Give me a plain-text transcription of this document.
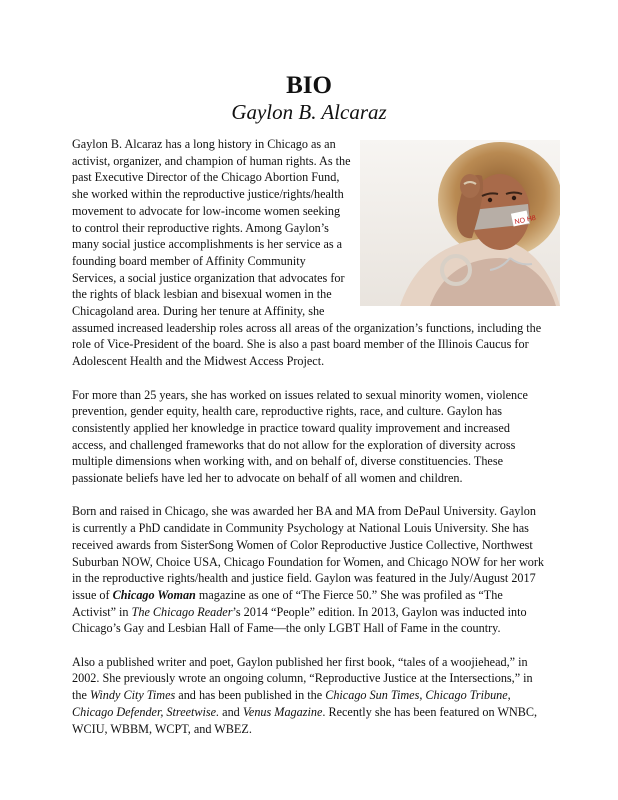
BIO
Gaylon B. Alcaraz

NO H8
Gaylon B. Alcaraz has a long history in Chicago as an activist, organizer, and champion of human rights. As the past Executive Director of the Chicago Abortion Fund, she worked within the reproductive justice/rights/health movement to advocate for low-income women seeking to control their reproductive rights. Among Gaylon’s many social justice accomplishments is her service as a founding board member of Affinity Community Services, a social justice organization that advocates for the rights of black lesbian and bisexual women in the Chicagoland area. During her tenure at Affinity, she assumed increased leadership roles across all areas of the organization’s functions, including the role of Vice-President of the board. She is also a past board member of the Illinois Caucus for Adolescent Health and the Midwest Access Project.

For more than 25 years, she has worked on issues related to sexual minority women, violence prevention, gender equity, health care, reproductive rights, race, and culture. Gaylon has consistently applied her knowledge in practice toward quality improvement and increased access, and challenged frameworks that do not allow for the exploration of diversity across multiple dimensions when working with, and on behalf of, diverse constituencies. These passionate beliefs have led her to advocate on behalf of all women and children.

Born and raised in Chicago, she was awarded her BA and MA from DePaul University. Gaylon is currently a PhD candidate in Community Psychology at National Louis University. She has received awards from SisterSong Women of Color Reproductive Justice Collective, Northwest Suburban NOW, Choice USA, Chicago Foundation for Women, and Chicago NOW for her work in the reproductive rights/health and justice field. Gaylon was featured in the July/August 2017 issue of Chicago Woman magazine as one of “The Fierce 50.” She was profiled as “The Activist” in The Chicago Reader’s 2014 “People” edition. In 2013, Gaylon was inducted into Chicago’s Gay and Lesbian Hall of Fame—the only LGBT Hall of Fame in the country.

Also a published writer and poet, Gaylon published her first book, “tales of a woojiehead,” in 2002. She previously wrote an ongoing column, “Reproductive Justice at the Intersections,” in the Windy City Times and has been published in the Chicago Sun Times, Chicago Tribune, Chicago Defender, Streetwise. and Venus Magazine. Recently she has been featured on WNBC, WCIU, WBBM, WCPT, and WBEZ.
